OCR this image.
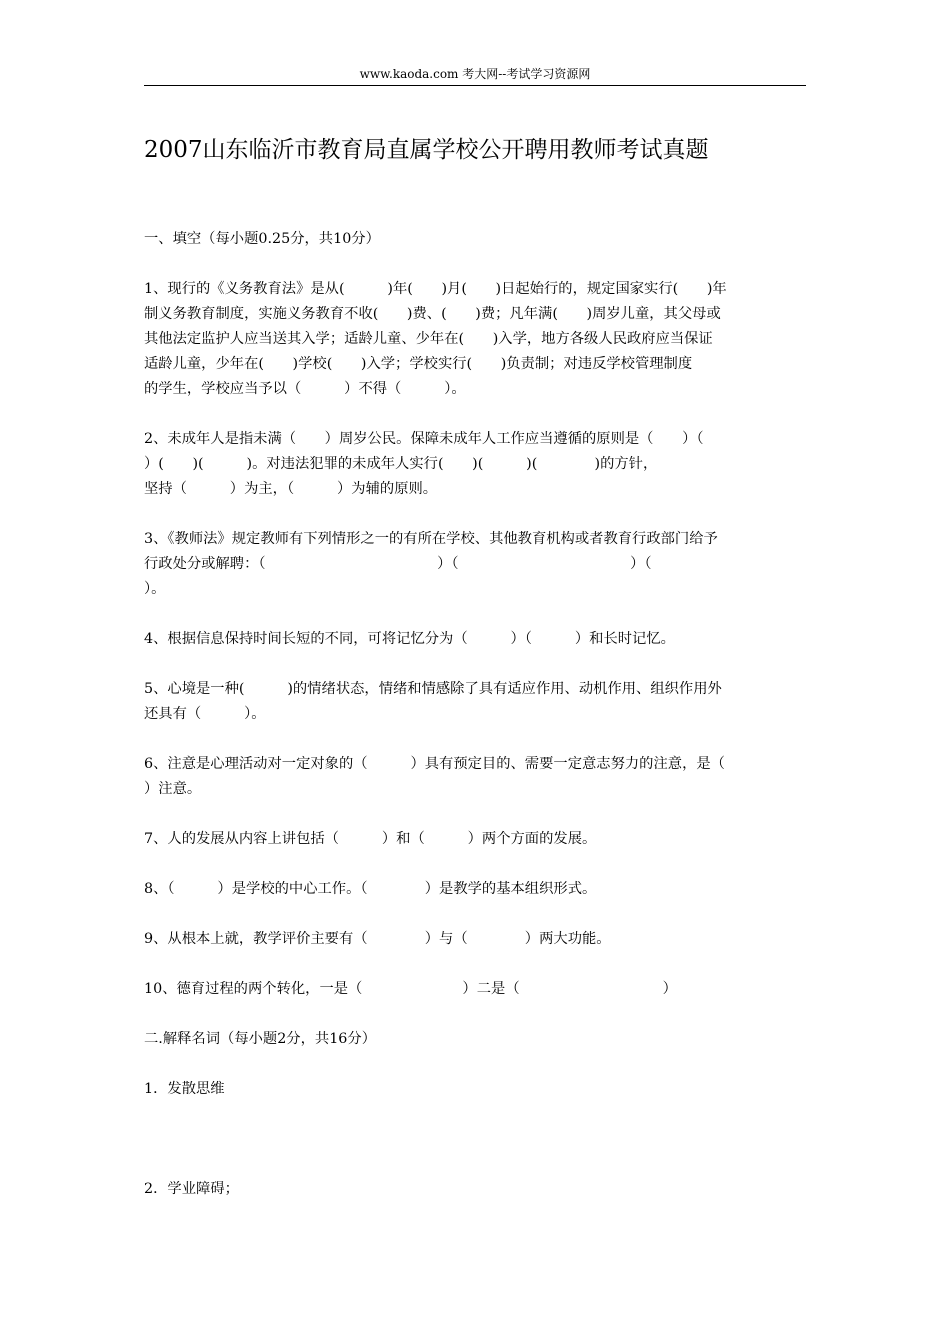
www.kaoda.com 考大网--考试学习资源网
2007山东临沂市教育局直属学校公开聘用教师考试真题

一、填空（每小题0.25分，共10分）

1、现行的《义务教育法》是从(　　　)年(　　)月(　　)日起始行的，规定国家实行(　　)年

制义务教育制度，实施义务教育不收(　　)费、(　　)费；凡年满(　　)周岁儿童，其父母或

其他法定监护人应当送其入学；适龄儿童、少年在(　　)入学，地方各级人民政府应当保证

适龄儿童，少年在(　　)学校(　　)入学；学校实行(　　)负责制；对违反学校管理制度

的学生，学校应当予以（　　　）不得（　　　）。

2、未成年人是指未满（　　）周岁公民。保障未成年人工作应当遵循的原则是（　　）（

）(　　)(　　　)。对违法犯罪的未成年人实行(　　)(　　　)(　　　　)的方针，

坚持（　　　）为主，（　　　）为辅的原则。

3、《教师法》规定教师有下列情形之一的有所在学校、其他教育机构或者教育行政部门给予

行政处分或解聘：（　　　　　　　　　　　　）（　　　　　　　　　　　　）（

）。

4、根据信息保持时间长短的不同，可将记忆分为（　　　）（　　　）和长时记忆。

5、心境是一种(　　　)的情绪状态，情绪和情感除了具有适应作用、动机作用、组织作用外

还具有（　　　）。

6、注意是心理活动对一定对象的（　　　）具有预定目的、需要一定意志努力的注意，是（

）注意。

7、人的发展从内容上讲包括（　　　）和（　　　）两个方面的发展。

8、（　　　）是学校的中心工作。（　　　　）是教学的基本组织形式。

9、从根本上就，教学评价主要有（　　　　）与（　　　　）两大功能。

10、德育过程的两个转化，一是（　　　　　　　）二是（　　　　　　　　　　）

二.解释名词（每小题2分，共16分）

1．发散思维

2．学业障碍；
